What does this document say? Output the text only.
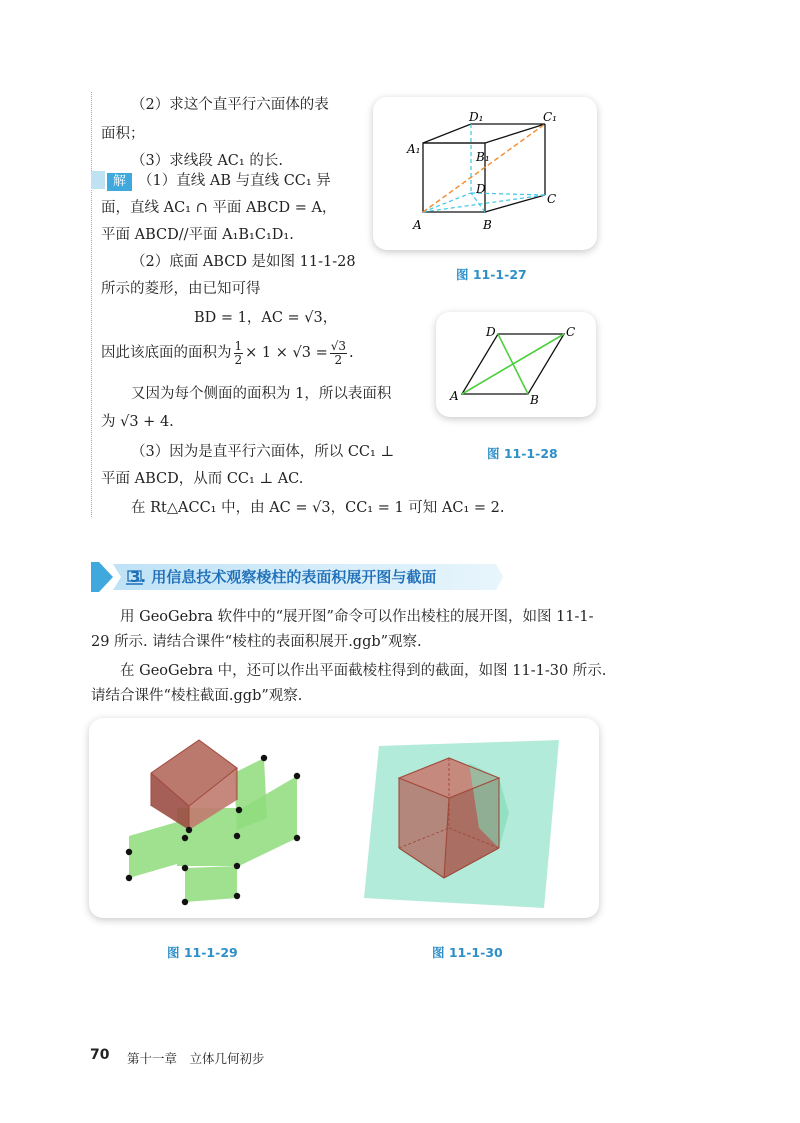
（2）求这个直平行六面体的表
面积；
（3）求线段 AC₁ 的长.
解 （1）直线 AB 与直线 CC₁ 异
面，直线 AC₁ ∩ 平面 ABCD = A，
平面 ABCD//平面 A₁B₁C₁D₁.
（2）底面 ABCD 是如图 11-1-28
所示的菱形，由已知可得
BD = 1，AC = √3，
因此该底面的面积为 $\frac{1}{2} \times 1 \times √3 = \frac{√3}{2}$ .
又因为每个侧面的面积为 1，所以表面积
为 √3 + 4.
（3）因为是直平行六面体，所以 CC₁ ⊥
平面 ABCD，从而 CC₁ ⊥ AC.
在 Rt△ACC₁ 中，由 AC = √3，CC₁ = 1 可知 AC₁ = 2.
A	B
C
D
A₁
B₁
C₁
D₁
图 11-1-27
A	B
C
D
图 11-1-28
3. 用信息技术观察棱柱的表面积展开图与截面
用 GeoGebra 软件中的“展开图”命令可以作出棱柱的展开图，如图 11-1-29 所示. 请结合课件“棱柱的表面积展开.ggb”观察.
在 GeoGebra 中，还可以作出平面截棱柱得到的截面，如图 11-1-30 所示. 请结合课件“棱柱截面.ggb”观察.
图 11-1-29	图 11-1-30
70 第十一章　立体几何初步
